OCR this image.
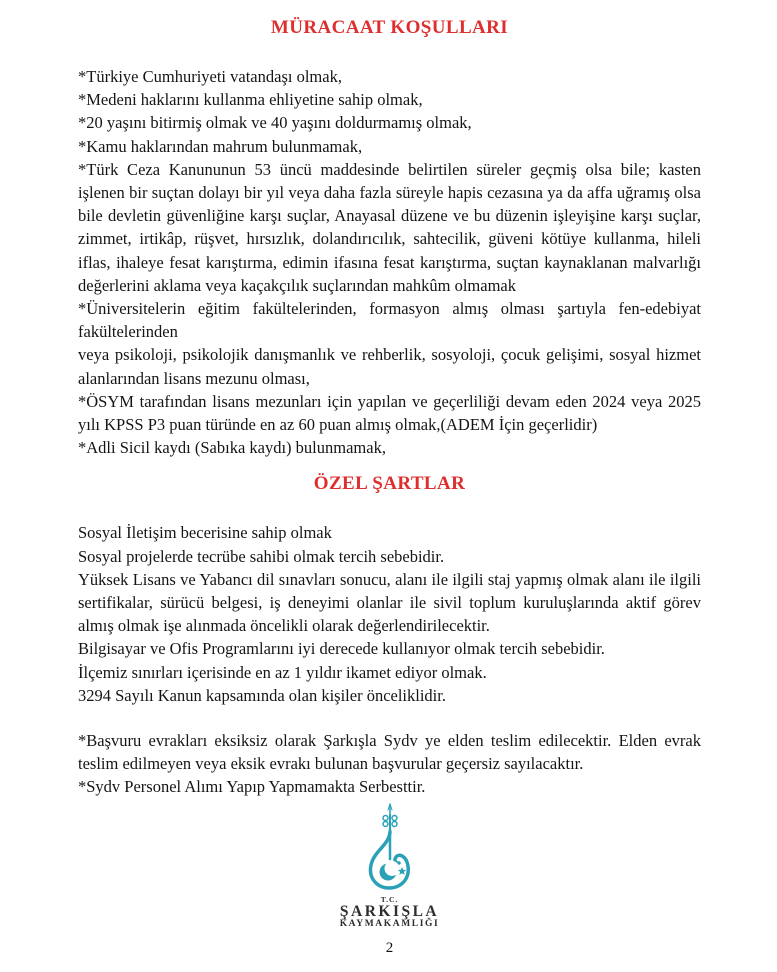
MÜRACAAT KOŞULLARI

*Türkiye Cumhuriyeti vatandaşı olmak,

*Medeni haklarını kullanma ehliyetine sahip olmak,

*20 yaşını bitirmiş olmak ve 40 yaşını doldurmamış olmak,

*Kamu haklarından mahrum bulunmamak,

*Türk Ceza Kanununun 53 üncü maddesinde belirtilen süreler geçmiş olsa bile; kasten işlenen bir suçtan dolayı bir yıl veya daha fazla süreyle hapis cezasına ya da affa uğramış olsa bile devletin güvenliğine karşı suçlar, Anayasal düzene ve bu düzenin işleyişine karşı suçlar, zimmet, irtikâp, rüşvet, hırsızlık, dolandırıcılık, sahtecilik, güveni kötüye kullanma, hileli iflas, ihaleye fesat karıştırma, edimin ifasına fesat karıştırma, suçtan kaynaklanan malvarlığı değerlerini aklama veya kaçakçılık suçlarından mahkûm olmamak

*Üniversitelerin eğitim fakültelerinden, formasyon almış olması şartıyla fen-edebiyat fakültelerinden

veya psikoloji, psikolojik danışmanlık ve rehberlik, sosyoloji, çocuk gelişimi, sosyal hizmet alanlarından lisans mezunu olması,

*ÖSYM tarafından lisans mezunları için yapılan ve geçerliliği devam eden 2024 veya 2025 yılı KPSS P3 puan türünde en az 60 puan almış olmak,(ADEM İçin geçerlidir)

*Adli Sicil kaydı (Sabıka kaydı) bulunmamak,

ÖZEL ŞARTLAR

Sosyal İletişim becerisine sahip olmak

Sosyal projelerde tecrübe sahibi olmak tercih sebebidir.

Yüksek Lisans ve Yabancı dil sınavları sonucu, alanı ile ilgili staj yapmış olmak alanı ile ilgili sertifikalar, sürücü belgesi, iş deneyimi olanlar ile sivil toplum kuruluşlarında aktif görev almış olmak işe alınmada öncelikli olarak değerlendirilecektir.

Bilgisayar ve Ofis Programlarını iyi derecede kullanıyor olmak tercih sebebidir.

İlçemiz sınırları içerisinde en az 1 yıldır ikamet ediyor olmak.

3294 Sayılı Kanun kapsamında olan kişiler önceliklidir.

*Başvuru evrakları eksiksiz olarak Şarkışla Sydv ye elden teslim edilecektir. Elden evrak teslim edilmeyen veya eksik evrakı bulunan başvurular geçersiz sayılacaktır.

*Sydv Personel Alımı Yapıp Yapmamakta Serbesttir.

T.C.
ŞARKIŞLA
KAYMAKAMLIĞI
2
